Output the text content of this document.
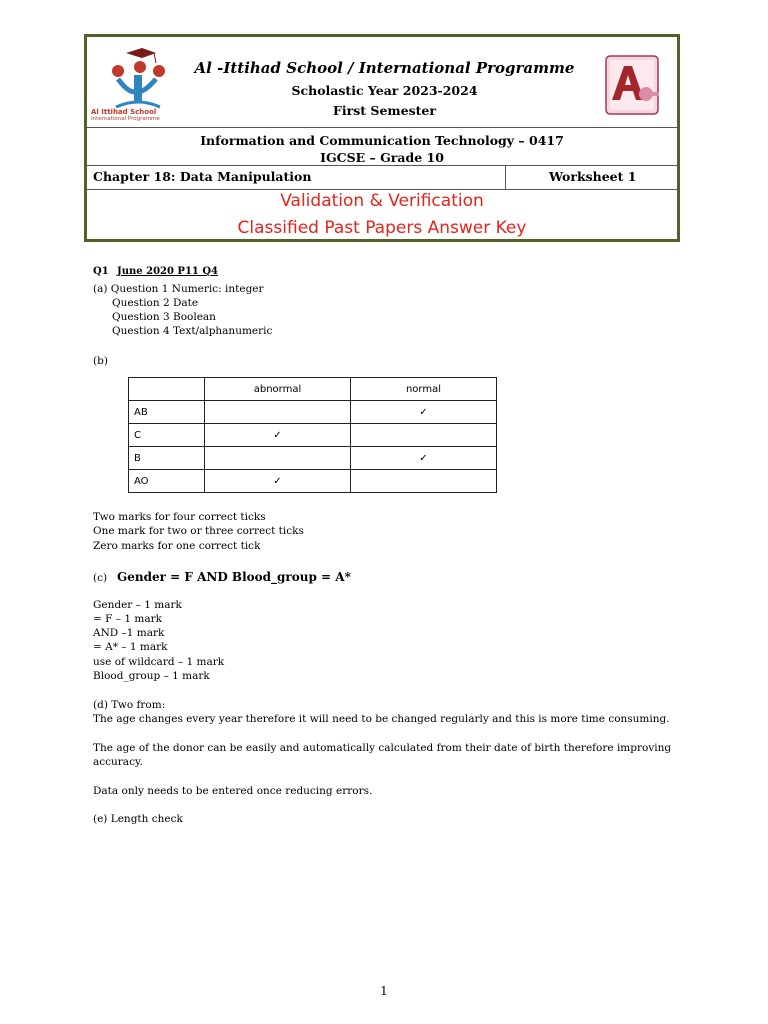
Al Ittihad School
International Programme
Al -Ittihad School / International Programme
Scholastic Year 2023-2024
First Semester
Information and Communication Technology – 0417
IGCSE – Grade 10
Chapter 18: Data Manipulation	Worksheet 1
Validation & Verification
Classified Past Papers Answer Key
Q1 June 2020 P11 Q4
(a) Question 1 Numeric: integer
Question 2 Date
Question 3 Boolean
Question 4 Text/alphanumeric
(b)
	abnormal	normal
AB		✓
C	✓	
B		✓
AO	✓	
Two marks for four correct ticks
One mark for two or three correct ticks
Zero marks for one correct tick
(c) Gender = F AND Blood_group = A*
Gender – 1 mark
= F – 1 mark
AND –1 mark
= A* – 1 mark
use of wildcard – 1 mark
Blood_group – 1 mark
(d) Two from:
The age changes every year therefore it will need to be changed regularly and this is more time consuming.
The age of the donor can be easily and automatically calculated from their date of birth therefore improving
accuracy.
Data only needs to be entered once reducing errors.
(e) Length check
1
